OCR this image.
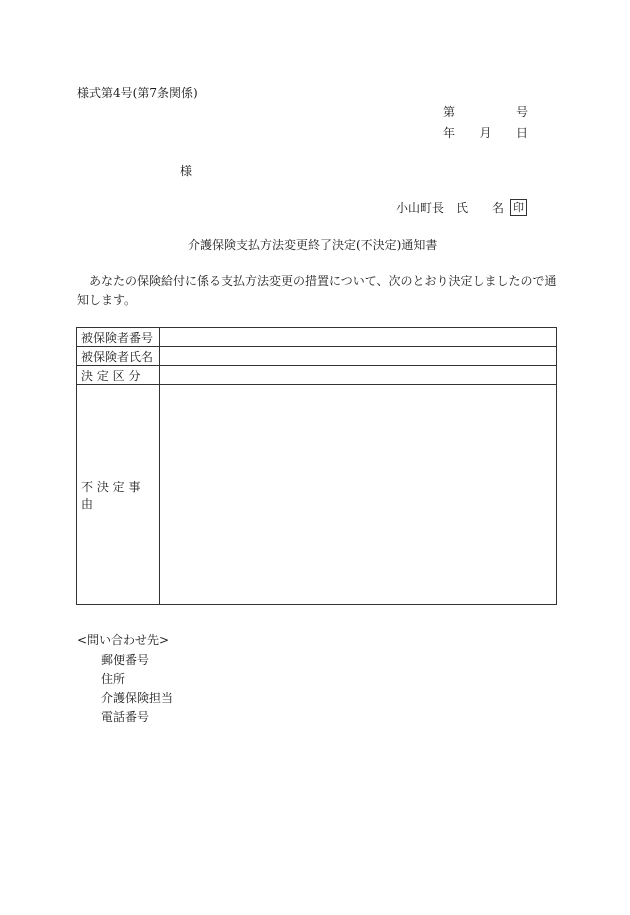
様式第4号(第7条関係)
第	号
年 月 日
様
小山町長 氏 名 印
介護保険支払方法変更終了決定(不決定)通知書
あなたの保険給付に係る支払方法変更の措置について、次のとおり決定しましたので通知します。
被保険者番号	
被保険者氏名	
決 定 区 分	
不 決 定 事 由	
<問い合わせ先>
郵便番号
住所
介護保険担当
電話番号
